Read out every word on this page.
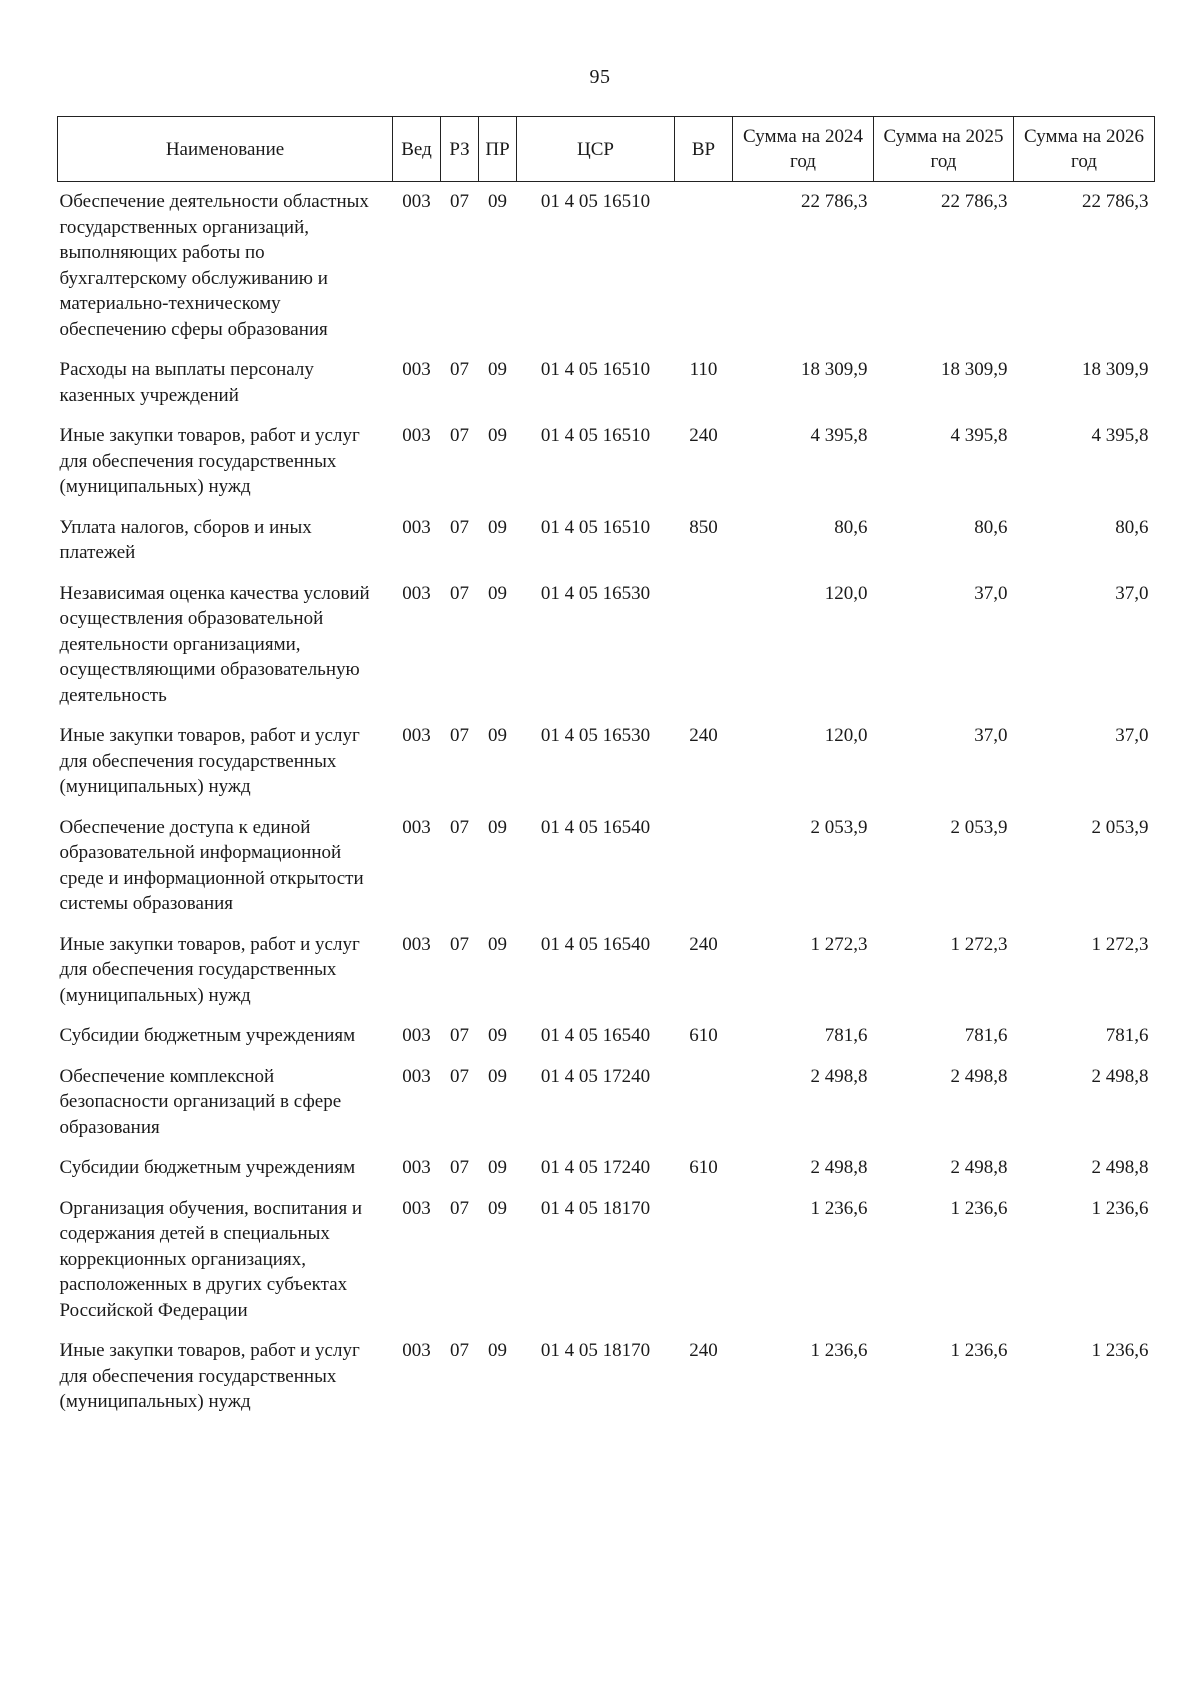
95
Наименование	Вед	РЗ	ПР	ЦСР	ВР	Сумма на 2024 год	Сумма на 2025 год	Сумма на 2026 год
Обеспечение деятельности областных государственных организаций, выполняющих работы по бухгалтерскому обслуживанию и материально-техническому обеспечению сферы образования	003	07	09	01 4 05 16510		22 786,3	22 786,3	22 786,3
Расходы на выплаты персоналу казенных учреждений	003	07	09	01 4 05 16510	110	18 309,9	18 309,9	18 309,9
Иные закупки товаров, работ и услуг для обеспечения государственных (муниципальных) нужд	003	07	09	01 4 05 16510	240	4 395,8	4 395,8	4 395,8
Уплата налогов, сборов и иных платежей	003	07	09	01 4 05 16510	850	80,6	80,6	80,6
Независимая оценка качества условий осуществления образовательной деятельности организациями, осуществляющими образовательную деятельность	003	07	09	01 4 05 16530		120,0	37,0	37,0
Иные закупки товаров, работ и услуг для обеспечения государственных (муниципальных) нужд	003	07	09	01 4 05 16530	240	120,0	37,0	37,0
Обеспечение доступа к единой образовательной информационной среде и информационной открытости системы образования	003	07	09	01 4 05 16540		2 053,9	2 053,9	2 053,9
Иные закупки товаров, работ и услуг для обеспечения государственных (муниципальных) нужд	003	07	09	01 4 05 16540	240	1 272,3	1 272,3	1 272,3
Субсидии бюджетным учреждениям	003	07	09	01 4 05 16540	610	781,6	781,6	781,6
Обеспечение комплексной безопасности организаций в сфере образования	003	07	09	01 4 05 17240		2 498,8	2 498,8	2 498,8
Субсидии бюджетным учреждениям	003	07	09	01 4 05 17240	610	2 498,8	2 498,8	2 498,8
Организация обучения, воспитания и содержания детей в специальных коррекционных организациях, расположенных в других субъектах Российской Федерации	003	07	09	01 4 05 18170		1 236,6	1 236,6	1 236,6
Иные закупки товаров, работ и услуг для обеспечения государственных (муниципальных) нужд	003	07	09	01 4 05 18170	240	1 236,6	1 236,6	1 236,6
